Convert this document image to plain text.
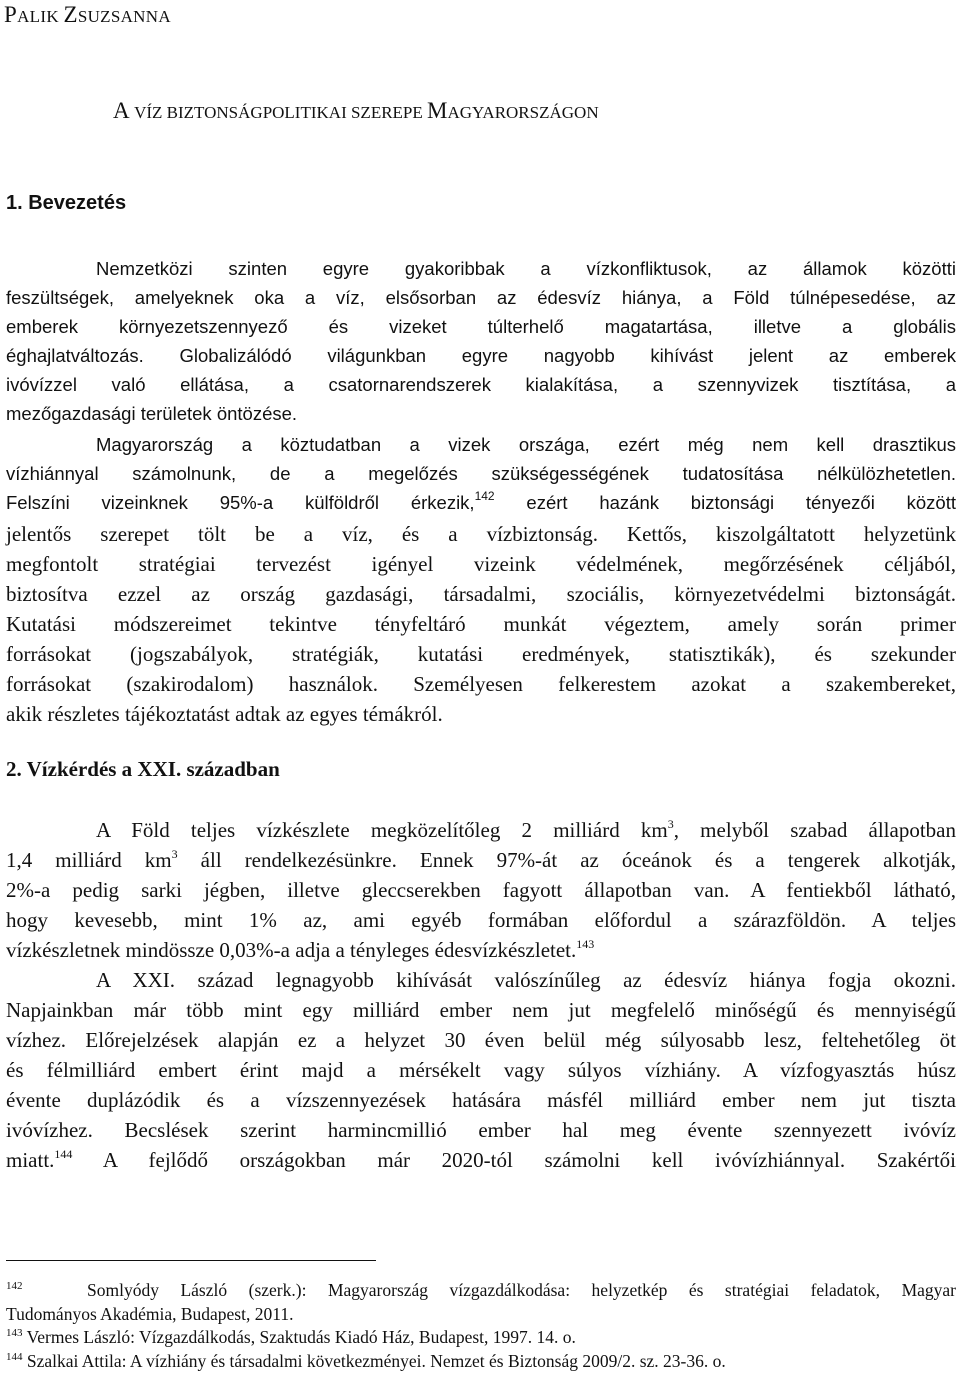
PALIK ZSUZSANNA
A VÍZ BIZTONSÁGPOLITIKAI SZEREPE MAGYARORSZÁGON
1. Bevezetés
Nemzetközi szinten egyre gyakoribbak a vízkonfliktusok, az államok közötti
feszültségek, amelyeknek oka a víz, elsősorban az édesvíz hiánya, a Föld túlnépesedése, az
emberek környezetszennyező és vizeket túlterhelő magatartása, illetve a globális
éghajlatváltozás. Globalizálódó világunkban egyre nagyobb kihívást jelent az emberek
ivóvízzel való ellátása, a csatornarendszerek kialakítása, a szennyvizek tisztítása, a
mezőgazdasági területek öntözése.
Magyarország a köztudatban a vizek országa, ezért még nem kell drasztikus
vízhiánnyal számolnunk, de a megelőzés szükségességének tudatosítása nélkülözhetetlen.
Felszíni vizeinknek 95%-a külföldről érkezik,$^{142}$ ezért hazánk biztonsági tényezői között
jelentős szerepet tölt be a víz, és a vízbiztonság. Kettős, kiszolgáltatott helyzetünk
megfontolt stratégiai tervezést igényel vizeink védelmének, megőrzésének céljából,
biztosítva ezzel az ország gazdasági, társadalmi, szociális, környezetvédelmi biztonságát.
Kutatási módszereimet tekintve tényfeltáró munkát végeztem, amely során primer
forrásokat (jogszabályok, stratégiák, kutatási eredmények, statisztikák), és szekunder
forrásokat (szakirodalom) használok. Személyesen felkerestem azokat a szakembereket,
akik részletes tájékoztatást adtak az egyes témákról.
2. Vízkérdés a XXI. században
A Föld teljes vízkészlete megközelítőleg 2 milliárd $km^3$, melyből szabad állapotban
1,4 milliárd $km^3$ áll rendelkezésünkre. Ennek 97%-át az óceánok és a tengerek alkotják,
2%-a pedig sarki jégben, illetve gleccserekben fagyott állapotban van. A fentiekből látható,
hogy kevesebb, mint 1% az, ami egyéb formában előfordul a szárazföldön. A teljes
vízkészletnek mindössze 0,03%-a adja a tényleges édesvízkészletet.$^{143}$
A XXI. század legnagyobb kihívását valószínűleg az édesvíz hiánya fogja okozni.
Napjainkban már több mint egy milliárd ember nem jut megfelelő minőségű és mennyiségű
vízhez. Előrejelzések alapján ez a helyzet 30 éven belül még súlyosabb lesz, feltehetőleg öt
és félmilliárd embert érint majd a mérsékelt vagy súlyos vízhiány. A vízfogyasztás húsz
évente duplázódik és a vízszennyezések hatására másfél milliárd ember nem jut tiszta
ivóvízhez. Becslések szerint harmincmillió ember hal meg évente szennyezett ivóvíz
miatt.$^{144}$ A fejlődő országokban már 2020-tól számolni kell ivóvízhiánnyal. Szakértői
$^{142}$	Somlyódy László (szerk.): Magyarország vízgazdálkodása: helyzetkép és stratégiai feladatok, Magyar
Tudományos Akadémia, Budapest, 2011.
$^{143}$ Vermes László: Vízgazdálkodás, Szaktudás Kiadó Ház, Budapest, 1997. 14. o.
$^{144}$ Szalkai Attila: A vízhiány és társadalmi következményei. Nemzet és Biztonság 2009/2. sz. 23-36. o.
